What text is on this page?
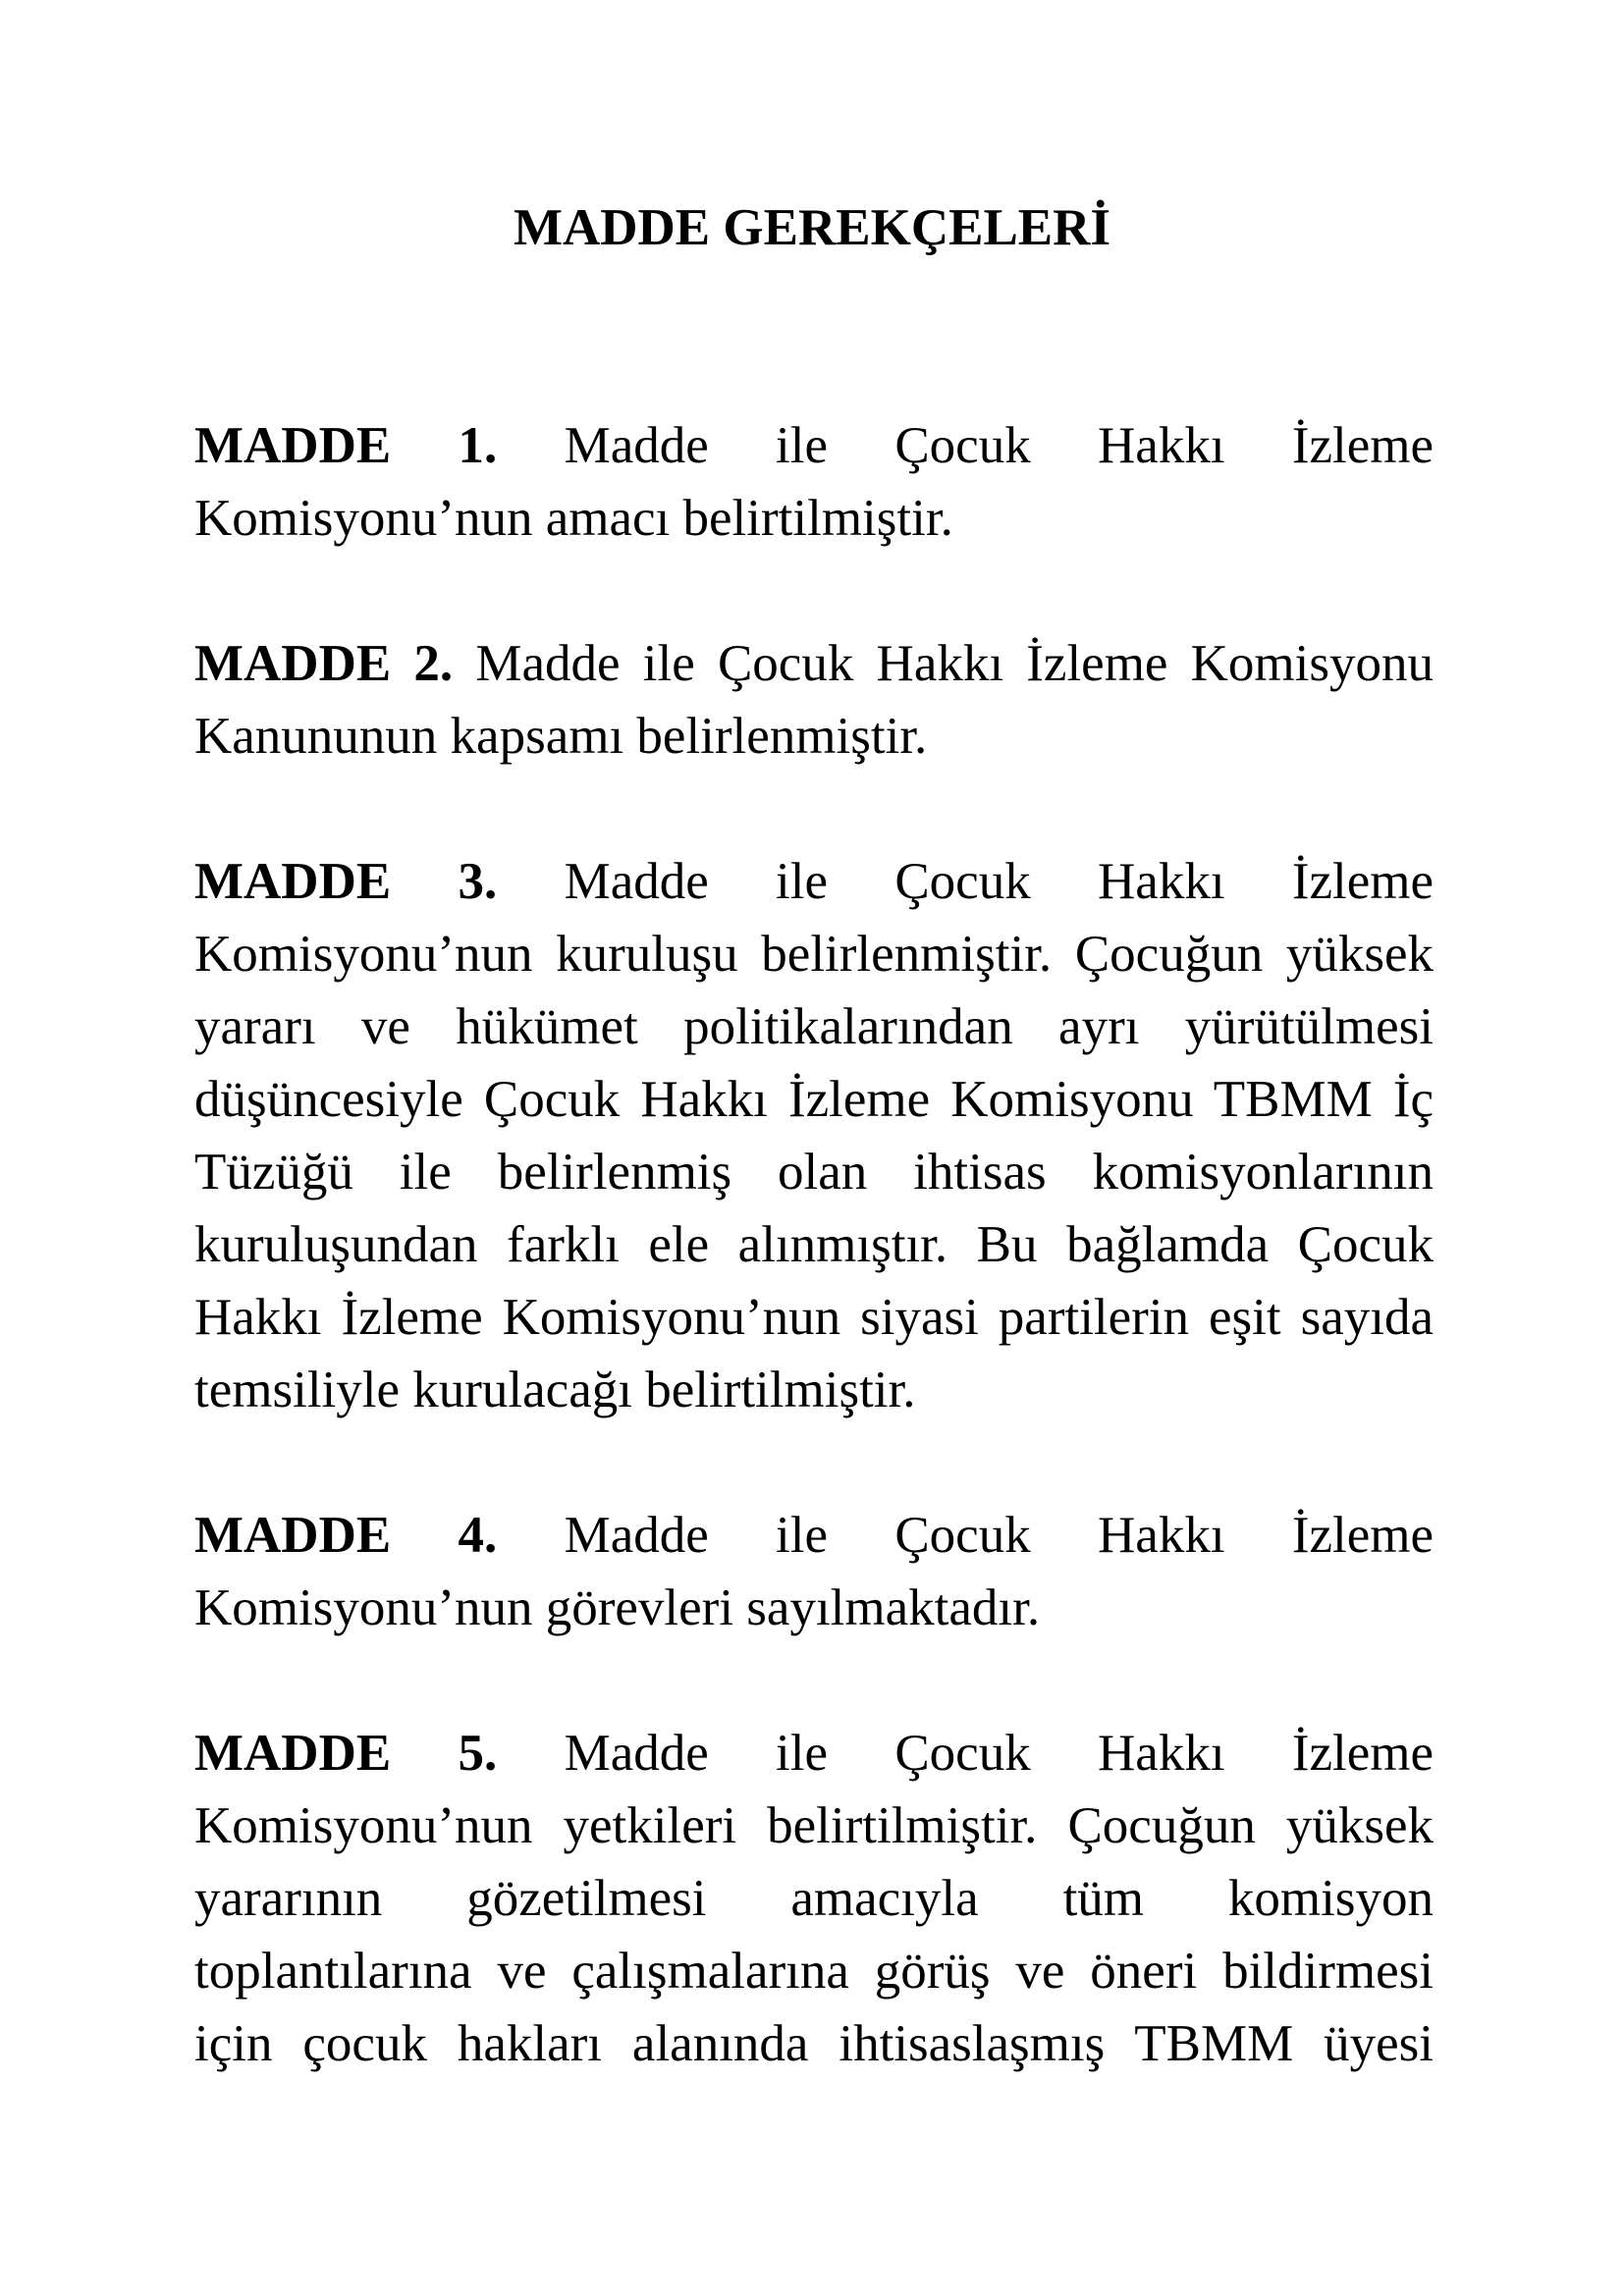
MADDE GEREKÇELERİ

MADDE 1. Madde ile Çocuk Hakkı İzleme Komisyonu’nun amacı belirtilmiştir.

MADDE 2. Madde ile Çocuk Hakkı İzleme Komisyonu Kanununun kapsamı belirlenmiştir.

MADDE 3. Madde ile Çocuk Hakkı İzleme Komisyonu’nun kuruluşu belirlenmiştir. Çocuğun yüksek yararı ve hükümet politikalarından ayrı yürütülmesi düşüncesiyle Çocuk Hakkı İzleme Komisyonu TBMM İç Tüzüğü ile belirlenmiş olan ihtisas komisyonlarının kuruluşundan farklı ele alınmıştır. Bu bağlamda Çocuk Hakkı İzleme Komisyonu’nun siyasi partilerin eşit sayıda temsiliyle kurulacağı belirtilmiştir.

MADDE 4. Madde ile Çocuk Hakkı İzleme Komisyonu’nun görevleri sayılmaktadır.

MADDE 5. Madde ile Çocuk Hakkı İzleme Komisyonu’nun yetkileri belirtilmiştir. Çocuğun yüksek yararının gözetilmesi amacıyla tüm komisyon toplantılarına ve çalışmalarına görüş ve öneri bildirmesi için çocuk hakları alanında ihtisaslaşmış TBMM üyesi
